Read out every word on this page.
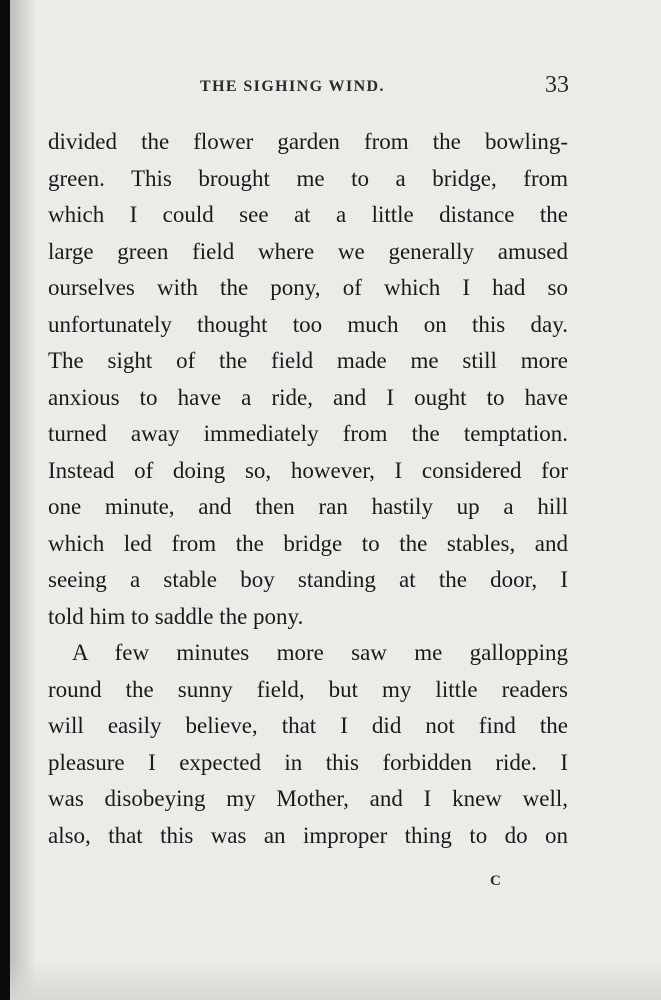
THE SIGHING WIND.	33
divided the flower garden from the bowling-
green. This brought me to a bridge, from
which I could see at a little distance the
large green field where we generally amused
ourselves with the pony, of which I had so
unfortunately thought too much on this day.
The sight of the field made me still more
anxious to have a ride, and I ought to have
turned away immediately from the temptation.
Instead of doing so, however, I considered for
one minute, and then ran hastily up a hill
which led from the bridge to the stables, and
seeing a stable boy standing at the door, I
told him to saddle the pony.
A few minutes more saw me gallopping
round the sunny field, but my little readers
will easily believe, that I did not find the
pleasure I expected in this forbidden ride. I
was disobeying my Mother, and I knew well,
also, that this was an improper thing to do on
C
